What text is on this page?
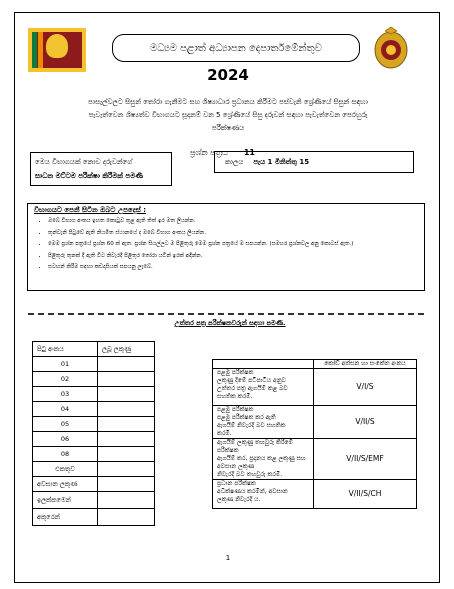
මධ්‍යම පළාත් අධ්‍යාපන දෙපාර්තමේන්තුව
2024
පාසැල්වලට සිසුන් තෝරා ගැනීමට සහ ශිෂ්‍යාධාර ප්‍රධානය කිරීමට පස්වැනි ශ්‍රේණියේ සිසුන් සඳහා
පැවැත්වෙන ශිෂ්‍යත්ව විභාගයට සූදානම් වන 5 ශ්‍රේණියේ සිසු දරුවන් සඳහා පැවැත්වෙන පෙරහුරු
පරීක්ෂණය
මෙය විභාගයක් නොව දරුවන්ගේ
සාධන මට්ටම පරීක්ෂා කිරීමක් පමණි
ප්‍රශ්න පත්‍රය 11
කාලය පැය 1 මිනිත්තු 15
විභාගයට පෙනී සිටින ඔබට උපදෙස් :
• ඔබේ විභාග අංකය ඉහත කොටුව තුළ ඇති තිත් ඉර මත ලියන්න.
• තුන්වැනි පිටුවේ ඇති නියමිත ස්ථානයේ ද ඔබේ විභාග අංකය ලියන්න.
• මෙම ප්‍රශ්න පත්‍රයේ ප්‍රශ්න 60 ක් ඇත. ප්‍රශ්න සියල්ලට ම පිළිතුරු මෙම ප්‍රශ්න පත්‍රයේ ම සපයන්න. (සමහර ප්‍රශ්නවල අනු කොටස් ඇත.)
• පිළිතුරු තුනක් දී ඇති විට නිවැරදි පිළිතුර තෝරා යටින් ඉරක් අඳින්න.
• සටහන් කිරීම සඳහා කඩදාසියක් සපයනු ලැබේ.
උත්තර පත්‍ර පරීක්ෂකවරුන් සඳහා පමණි.
පිටු අංකය	ලබූ ලකුණු
01	
02	
03	
04	
05	
06	
08	
එකතුව	
අවසාන ලකුණ	
ඉලක්කමෙන්	
අකුරෙන්	
	කෝඩ් අත්සන හා සංකේත අංකය

පළමු පරීක්ෂක
ලකුණු දීමේ පටිපාටිය අනුව
උත්තර පත්‍ර ඇගයීම් කළ බව
සහතික කරමි.	V/I/S

පළමු පරීක්ෂක
පළමු පරීක්ෂක කර ඇති
ඇගයීම් නිවැරදි බව සහතික
කරමි.	V/II/S

ඇගයීම් ලකුණු තහවුරු කිරීමේ
පරීක්ෂක
ඇගයීම් කර, ප්‍රදානය කළ ලකුණු සහ අවසාන ලකුණ
නිවැරදි බව තහවුරු කරමි.	V/II/S/EMF

ප්‍රධාන පරීක්ෂක
අධීක්ෂණය කරමින්, අවසාන
ලකුණ නිවැරදි ය.	V/II/S/CH
1
